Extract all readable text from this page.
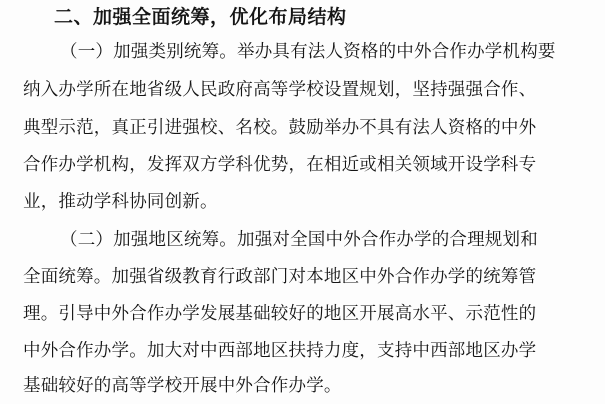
二、加强全面统筹，优化布局结构
（一）加强类别统筹。举办具有法人资格的中外合作办学机构要
纳入办学所在地省级人民政府高等学校设置规划，坚持强强合作、
典型示范，真正引进强校、名校。鼓励举办不具有法人资格的中外
合作办学机构，发挥双方学科优势，在相近或相关领域开设学科专
业，推动学科协同创新。
（二）加强地区统筹。加强对全国中外合作办学的合理规划和
全面统筹。加强省级教育行政部门对本地区中外合作办学的统筹管
理。引导中外合作办学发展基础较好的地区开展高水平、示范性的
中外合作办学。加大对中西部地区扶持力度，支持中西部地区办学
基础较好的高等学校开展中外合作办学。
